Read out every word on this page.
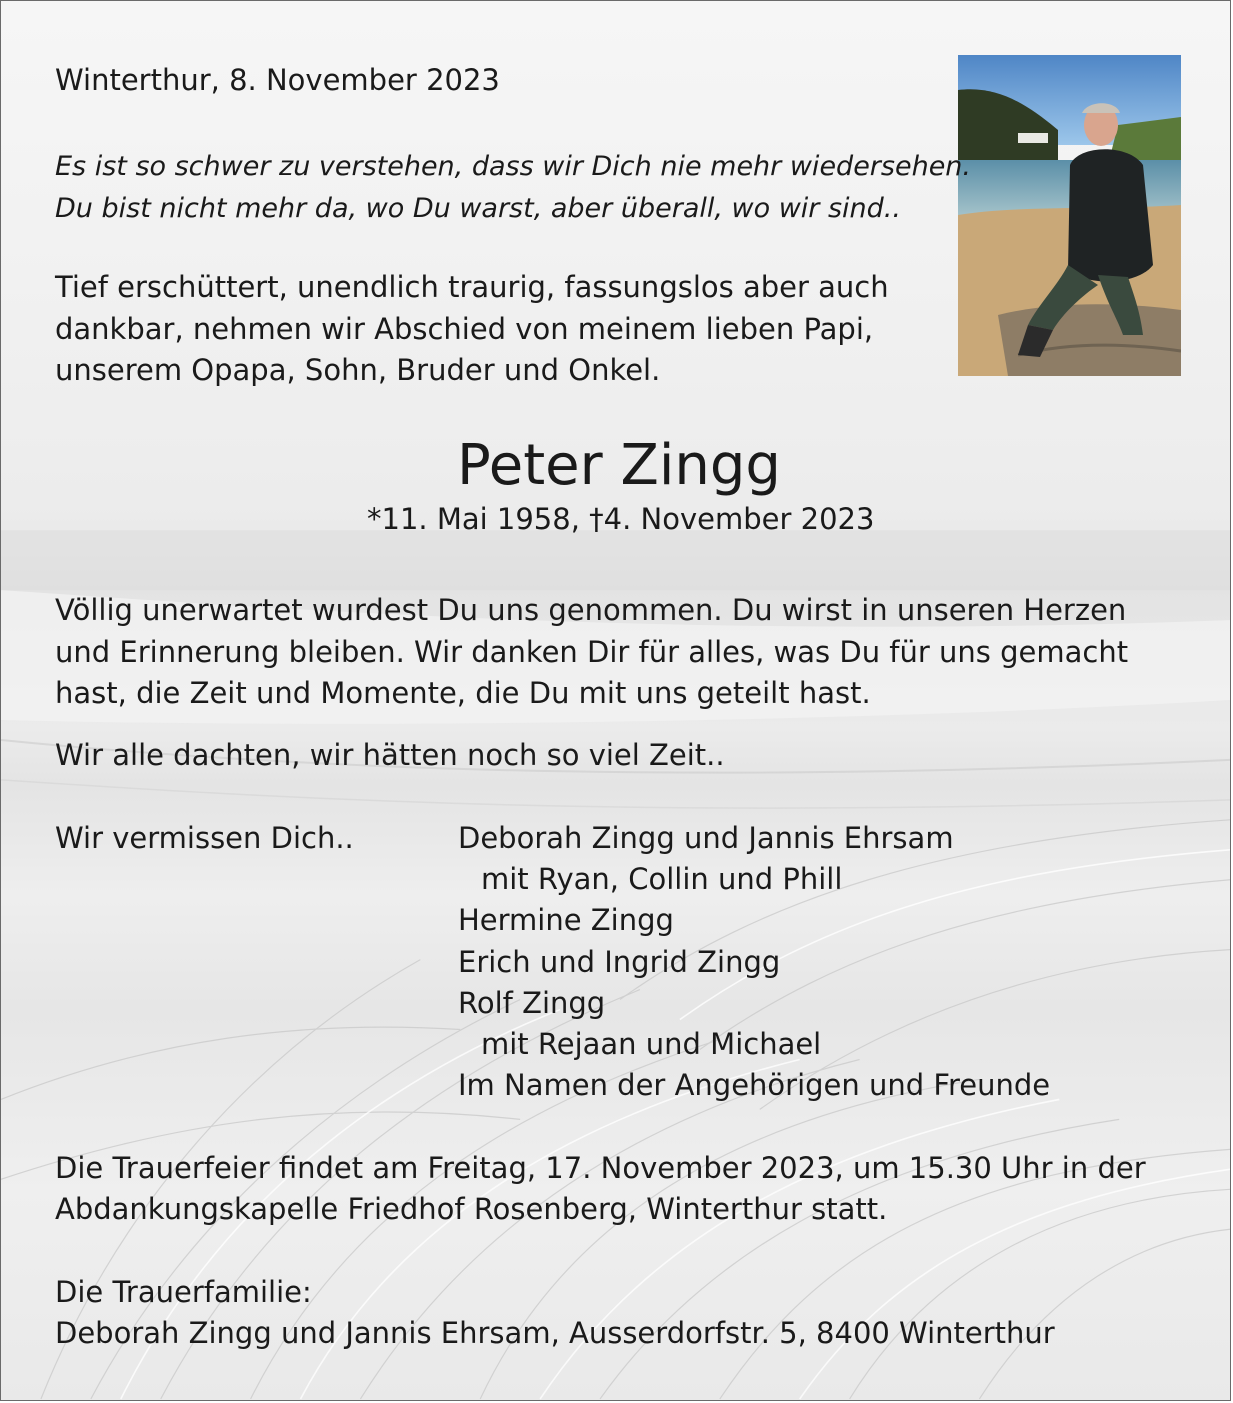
Winterthur, 8. November 2023

Es ist so schwer zu verstehen, dass wir Dich nie mehr wiedersehen.

Du bist nicht mehr da, wo Du warst, aber überall, wo wir sind..

Tief erschüttert, unendlich traurig, fassungslos aber auch

dankbar, nehmen wir Abschied von meinem lieben Papi,

unserem Opapa, Sohn, Bruder und Onkel.

Peter Zingg

*11. Mai 1958, †4. November 2023

Völlig unerwartet wurdest Du uns genommen. Du wirst in unseren Herzen

und Erinnerung bleiben. Wir danken Dir für alles, was Du für uns gemacht

hast, die Zeit und Momente, die Du mit uns geteilt hast.

Wir alle dachten, wir hätten noch so viel Zeit..

Wir vermissen Dich..	Deborah Zingg und Jannis Ehrsam

mit Ryan, Collin und Phill

Hermine Zingg

Erich und Ingrid Zingg

Rolf Zingg

mit Rejaan und Michael

Im Namen der Angehörigen und Freunde

Die Trauerfeier findet am Freitag, 17. November 2023, um 15.30 Uhr in der

Abdankungskapelle Friedhof Rosenberg, Winterthur statt.

Die Trauerfamilie:

Deborah Zingg und Jannis Ehrsam, Ausserdorfstr. 5, 8400 Winterthur
